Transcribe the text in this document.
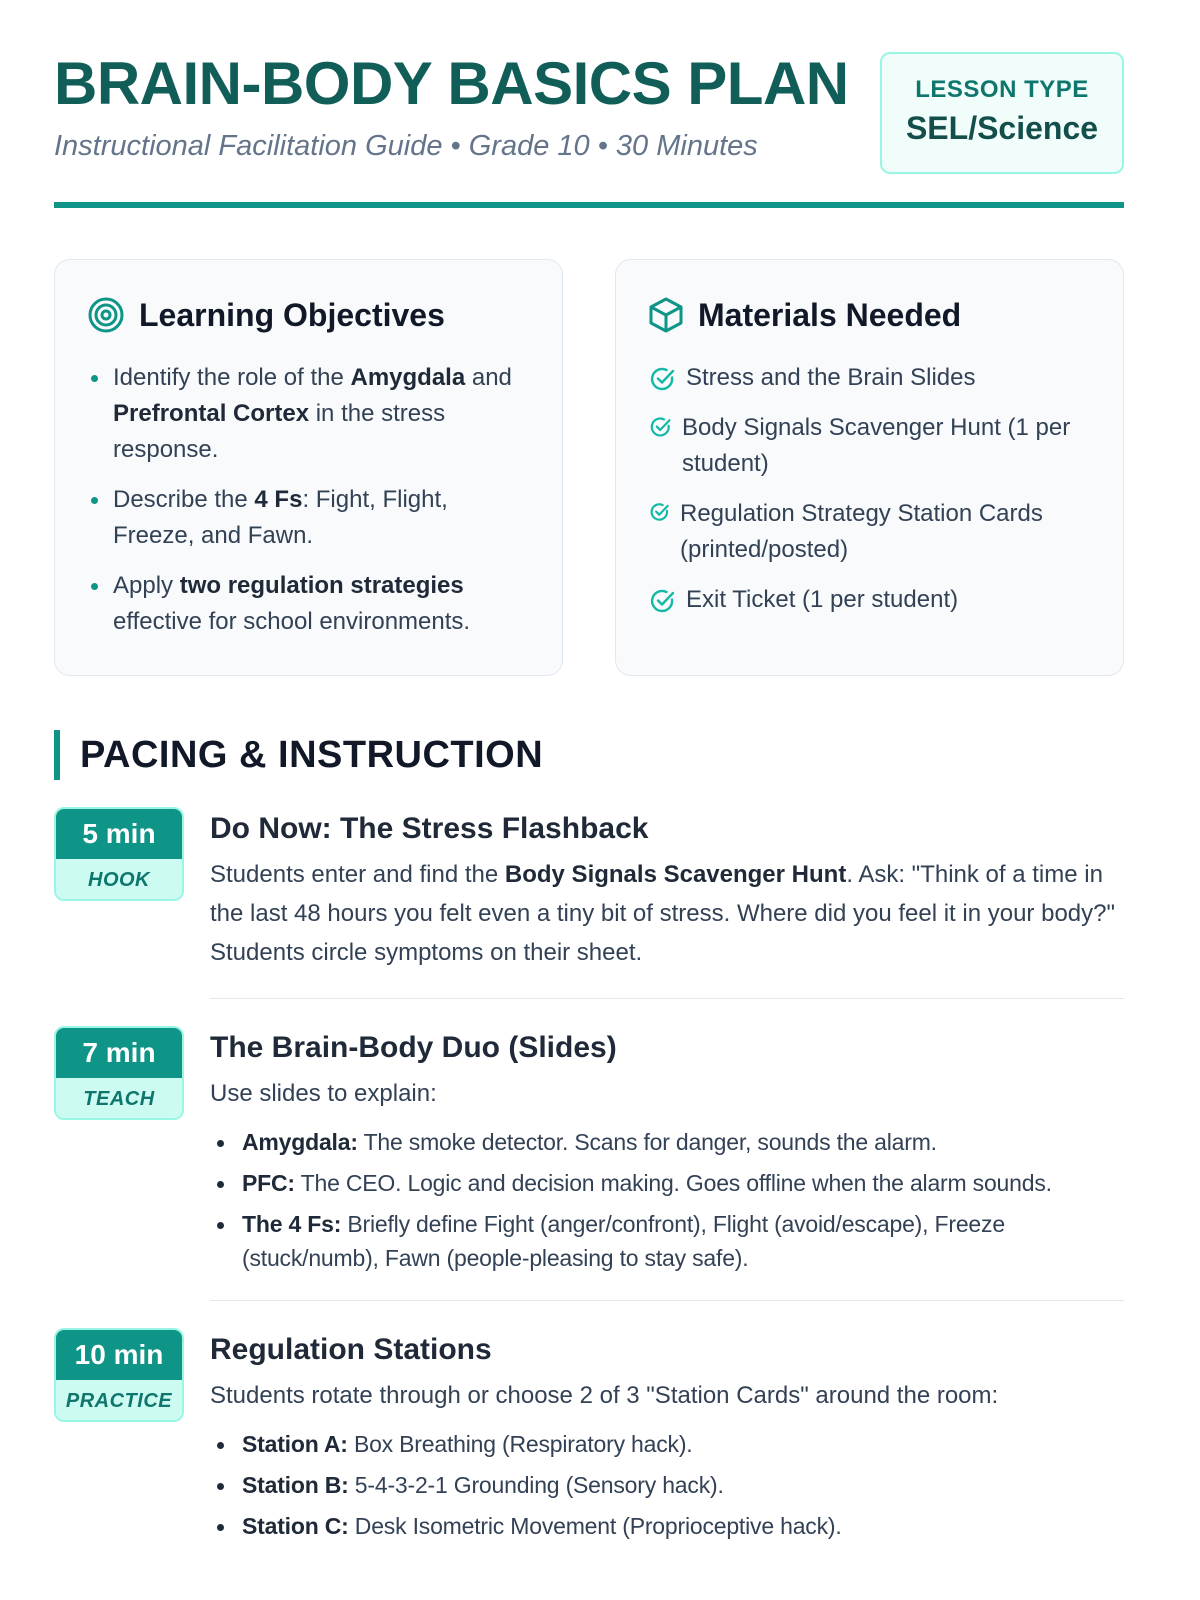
BRAIN-BODY BASICS PLAN
Instructional Facilitation Guide • Grade 10 • 30 Minutes
LESSON TYPE
SEL/Science
Learning Objectives
Identify the role of the Amygdala and Prefrontal Cortex in the stress response.
Describe the 4 Fs: Fight, Flight, Freeze, and Fawn.
Apply two regulation strategies effective for school environments.
Materials Needed
Stress and the Brain Slides
Body Signals Scavenger Hunt (1 per student)
Regulation Strategy Station Cards (printed/posted)
Exit Ticket (1 per student)
PACING & INSTRUCTION
5 min
HOOK
Do Now: The Stress Flashback
Students enter and find the Body Signals Scavenger Hunt. Ask: "Think of a time in the last 48 hours you felt even a tiny bit of stress. Where did you feel it in your body?" Students circle symptoms on their sheet.
7 min
TEACH
The Brain-Body Duo (Slides)
Use slides to explain:
Amygdala: The smoke detector. Scans for danger, sounds the alarm.
PFC: The CEO. Logic and decision making. Goes offline when the alarm sounds.
The 4 Fs: Briefly define Fight (anger/confront), Flight (avoid/escape), Freeze (stuck/numb), Fawn (people-pleasing to stay safe).
10 min
PRACTICE
Regulation Stations
Students rotate through or choose 2 of 3 "Station Cards" around the room:
Station A: Box Breathing (Respiratory hack).
Station B: 5-4-3-2-1 Grounding (Sensory hack).
Station C: Desk Isometric Movement (Proprioceptive hack).
